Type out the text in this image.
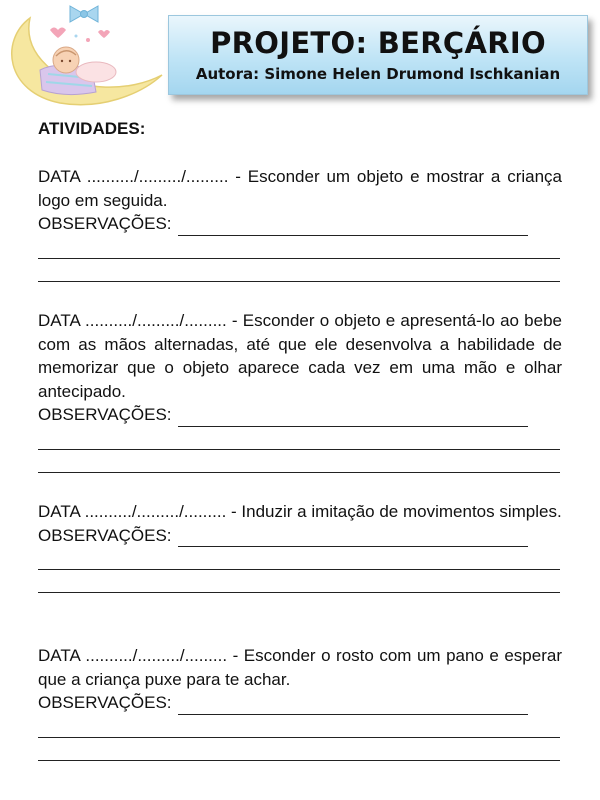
PROJETO: BERÇÁRIO
Autora: Simone Helen Drumond Ischkanian
ATIVIDADES:

DATA ........../........./......... - Esconder um objeto e mostrar a criança logo em seguida.

OBSERVAÇÕES:

DATA ........../........./......... - Esconder o objeto e apresentá-lo ao bebe com as mãos alternadas, até que ele desenvolva a habilidade de memorizar que o objeto aparece cada vez em uma mão e olhar antecipado.

OBSERVAÇÕES:

DATA ........../........./......... - Induzir a imitação de movimentos simples.

OBSERVAÇÕES:

DATA ........../........./......... - Esconder o rosto com um pano e esperar que a criança puxe para te achar.

OBSERVAÇÕES:
